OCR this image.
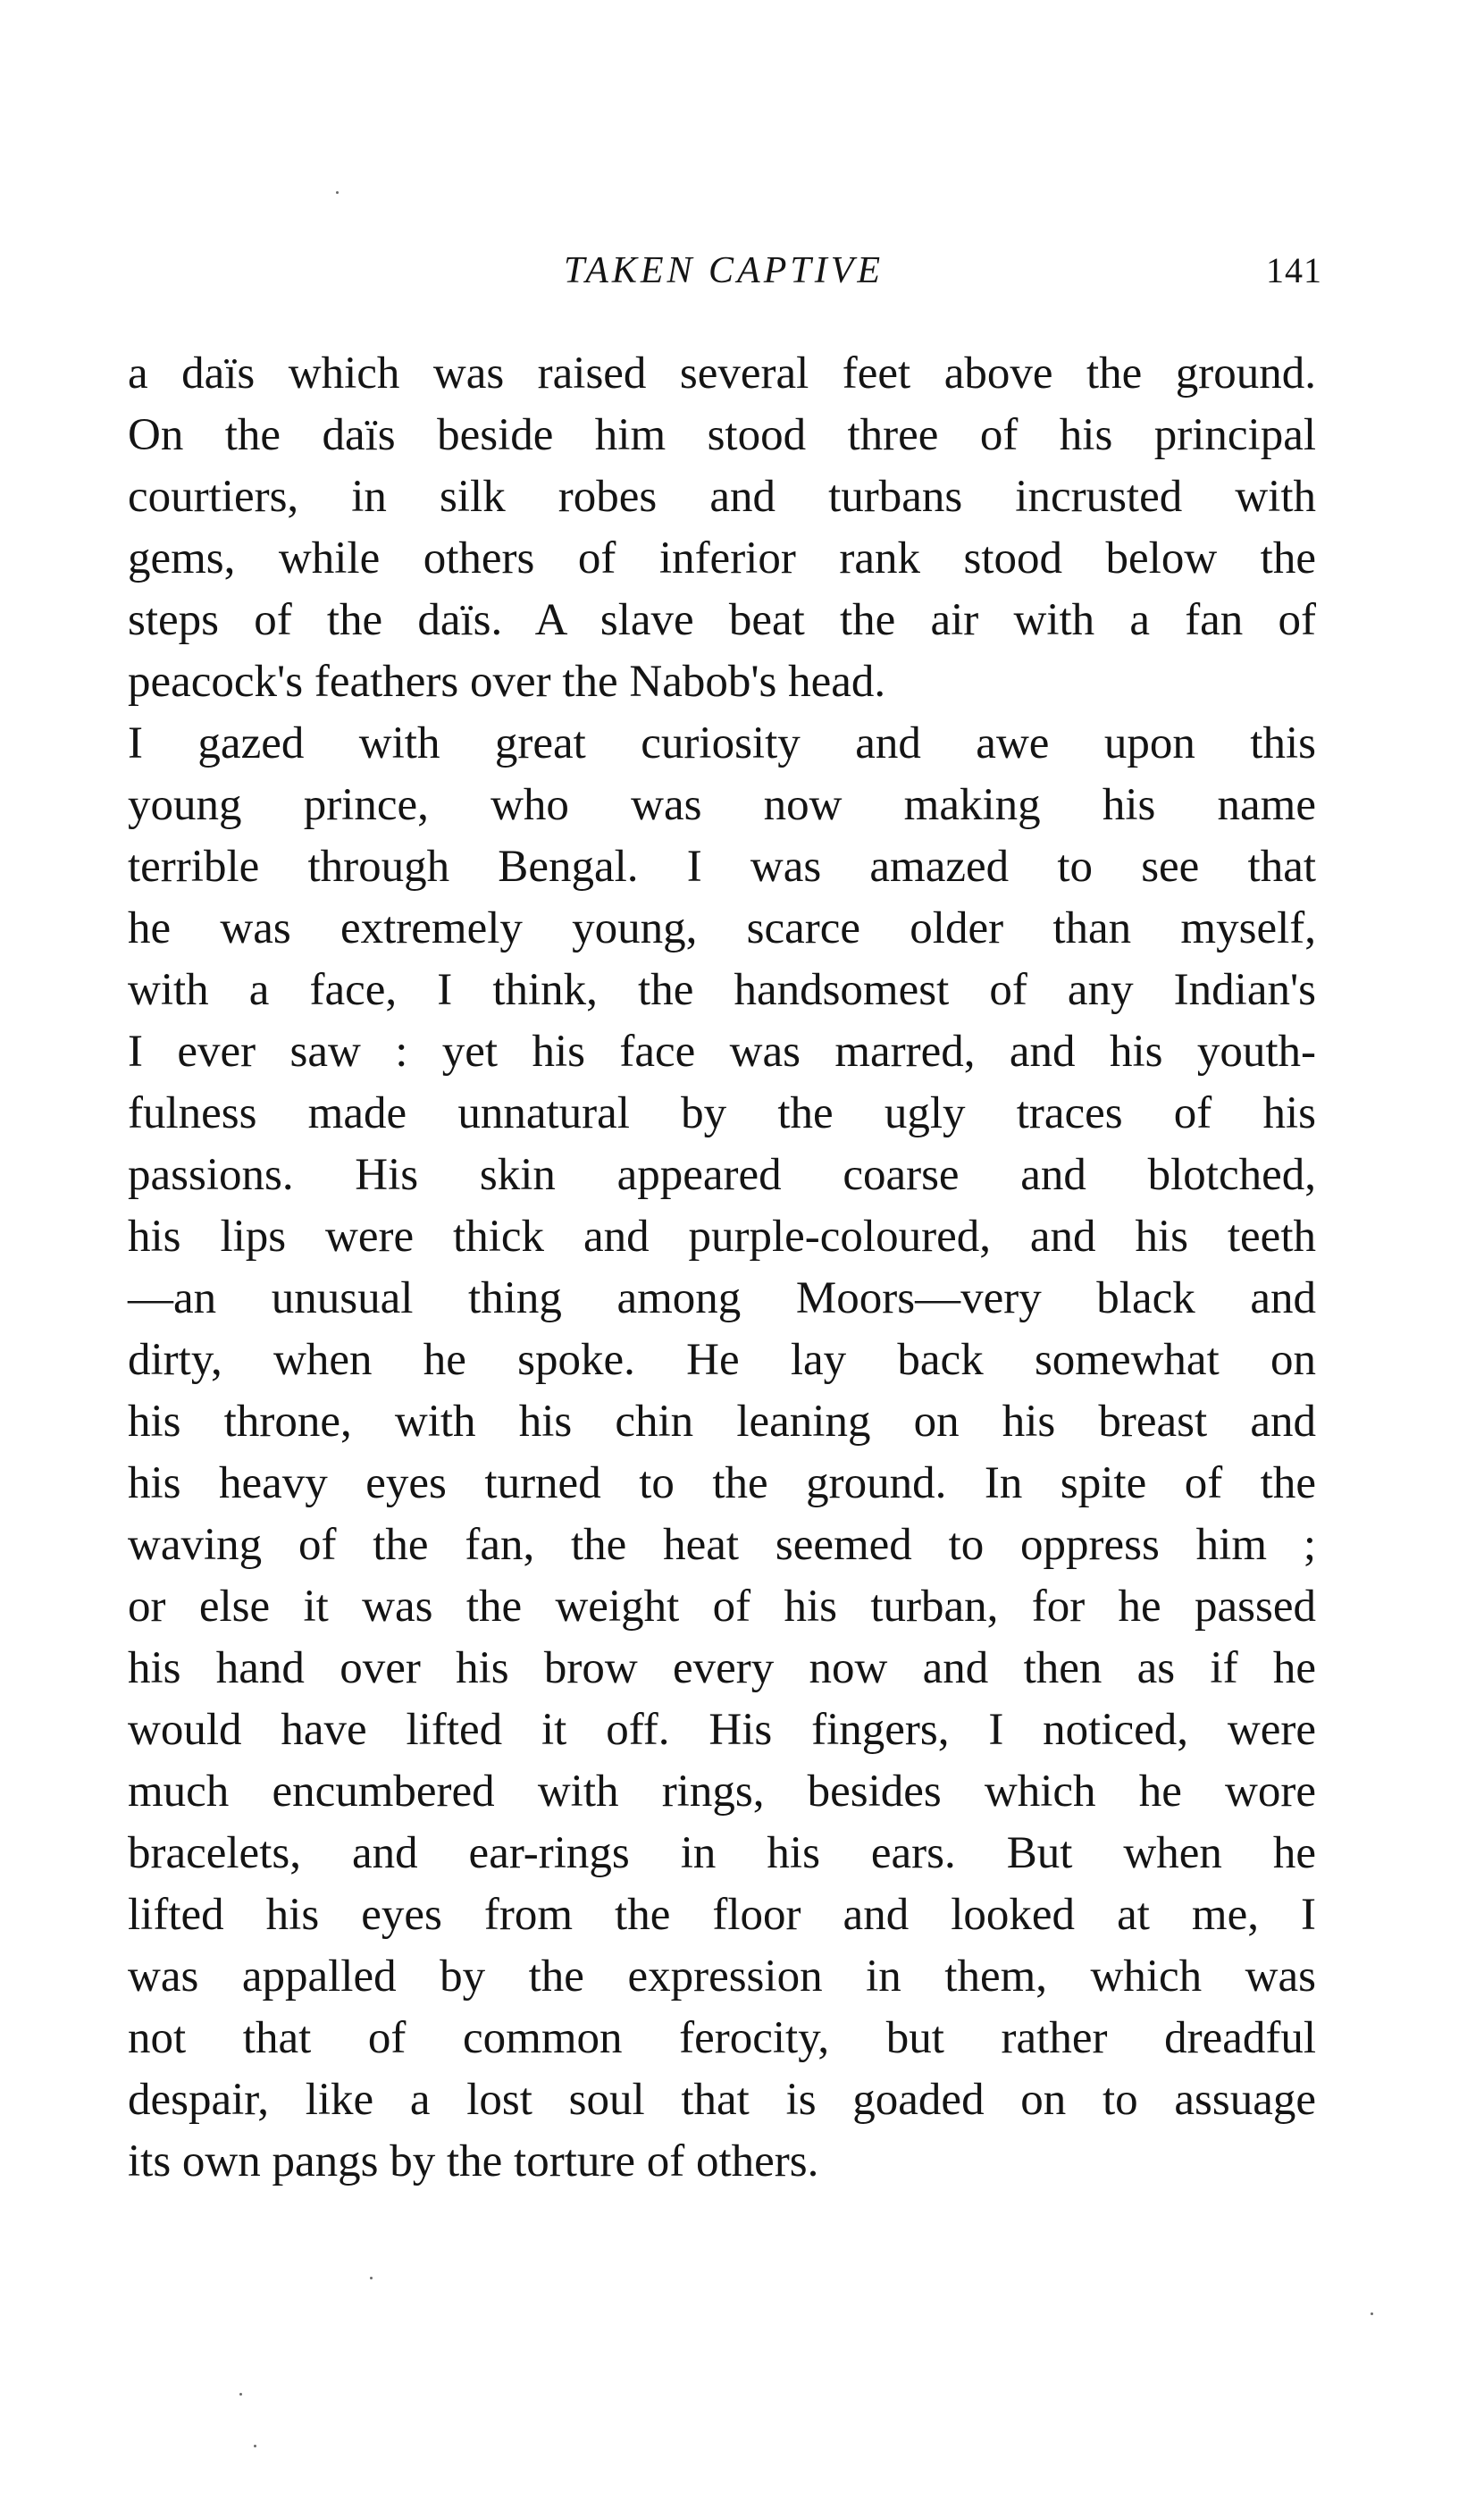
TAKEN CAPTIVE	141
a daïs which was raised several feet above the ground.
On the daïs beside him stood three of his principal
courtiers, in silk robes and turbans incrusted with
gems, while others of inferior rank stood below the
steps of the daïs. A slave beat the air with a fan of
peacock's feathers over the Nabob's head.
I gazed with great curiosity and awe upon this
young prince, who was now making his name
terrible through Bengal. I was amazed to see that
he was extremely young, scarce older than myself,
with a face, I think, the handsomest of any Indian's
I ever saw : yet his face was marred, and his youth-
fulness made unnatural by the ugly traces of his
passions. His skin appeared coarse and blotched,
his lips were thick and purple-coloured, and his teeth
—an unusual thing among Moors—very black and
dirty, when he spoke. He lay back somewhat on
his throne, with his chin leaning on his breast and
his heavy eyes turned to the ground. In spite of the
waving of the fan, the heat seemed to oppress him ;
or else it was the weight of his turban, for he passed
his hand over his brow every now and then as if he
would have lifted it off. His fingers, I noticed, were
much encumbered with rings, besides which he wore
bracelets, and ear-rings in his ears. But when he
lifted his eyes from the floor and looked at me, I
was appalled by the expression in them, which was
not that of common ferocity, but rather dreadful
despair, like a lost soul that is goaded on to assuage
its own pangs by the torture of others.
